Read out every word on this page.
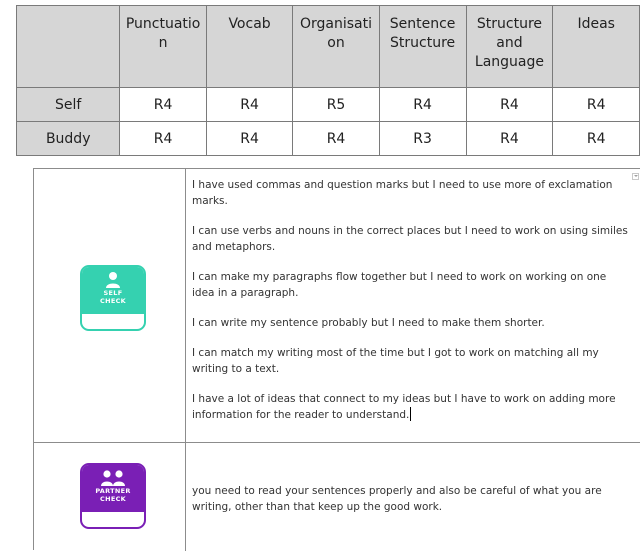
	Punctuation	Vocab	Organisation	Sentence Structure	Structure and Language	Ideas
Self	R4	R4	R5	R4	R4	R4
Buddy	R4	R4	R4	R3	R4	R4
SELF
CHECK

I have used commas and question marks but I need to use more of exclamation marks.

I can use verbs and nouns in the correct places but I need to work on using similes and metaphors.

I can make my paragraphs flow together but I need to work on working on one idea in a paragraph.

I can write my sentence probably but I need to make them shorter.

I can match my writing most of the time but I got to work on matching all my writing to a text.

I have a lot of ideas that connect to my ideas but I have to work on adding more information for the reader to understand.

PARTNER
CHECK
you need to read your sentences properly and also be careful of what you are writing, other than that keep up the good work.
